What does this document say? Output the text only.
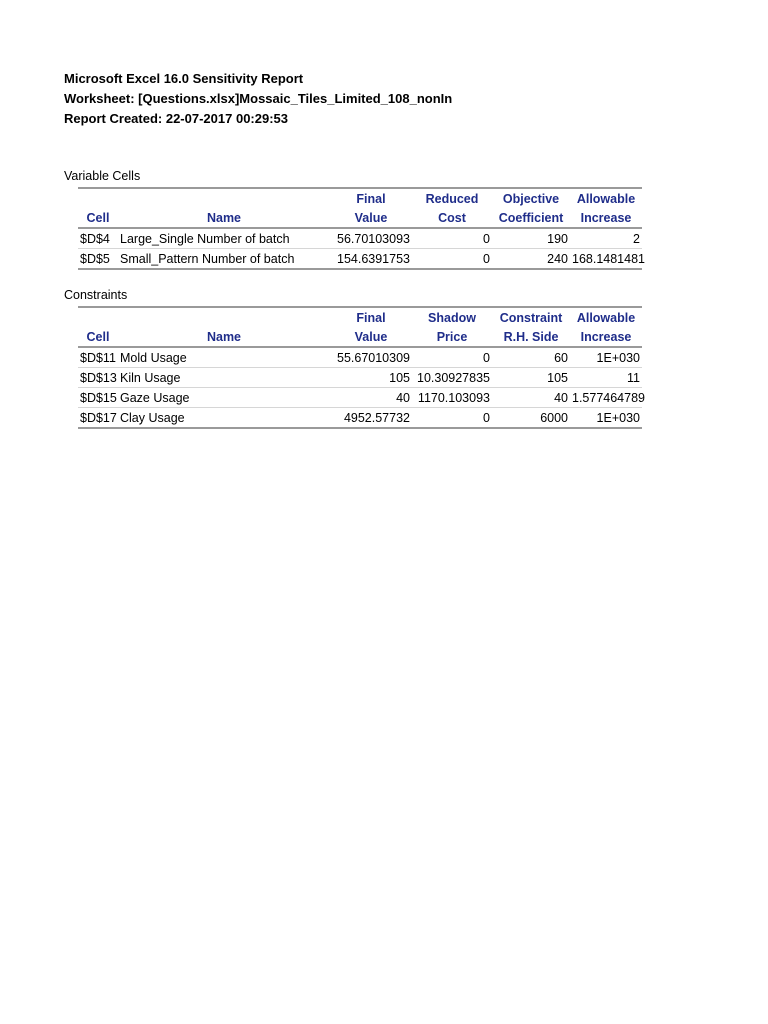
Microsoft Excel 16.0 Sensitivity Report
Worksheet: [Questions.xlsx]Mossaic_Tiles_Limited_108_nonIn
Report Created: 22-07-2017 00:29:53
Variable Cells
		Final	Reduced	Objective	Allowable
Cell	Name	Value	Cost	Coefficient	Increase
$D$4	Large_Single Number of batch	56.70103093	0	190	2
$D$5	Small_Pattern Number of batch	154.6391753	0	240	168.1481481
Constraints
		Final	Shadow	Constraint	Allowable
Cell	Name	Value	Price	R.H. Side	Increase
$D$11	Mold Usage	55.67010309	0	60	1E+030
$D$13	Kiln Usage	105	10.30927835	105	11
$D$15	Gaze Usage	40	1170.103093	40	1.577464789
$D$17	Clay Usage	4952.57732	0	6000	1E+030
